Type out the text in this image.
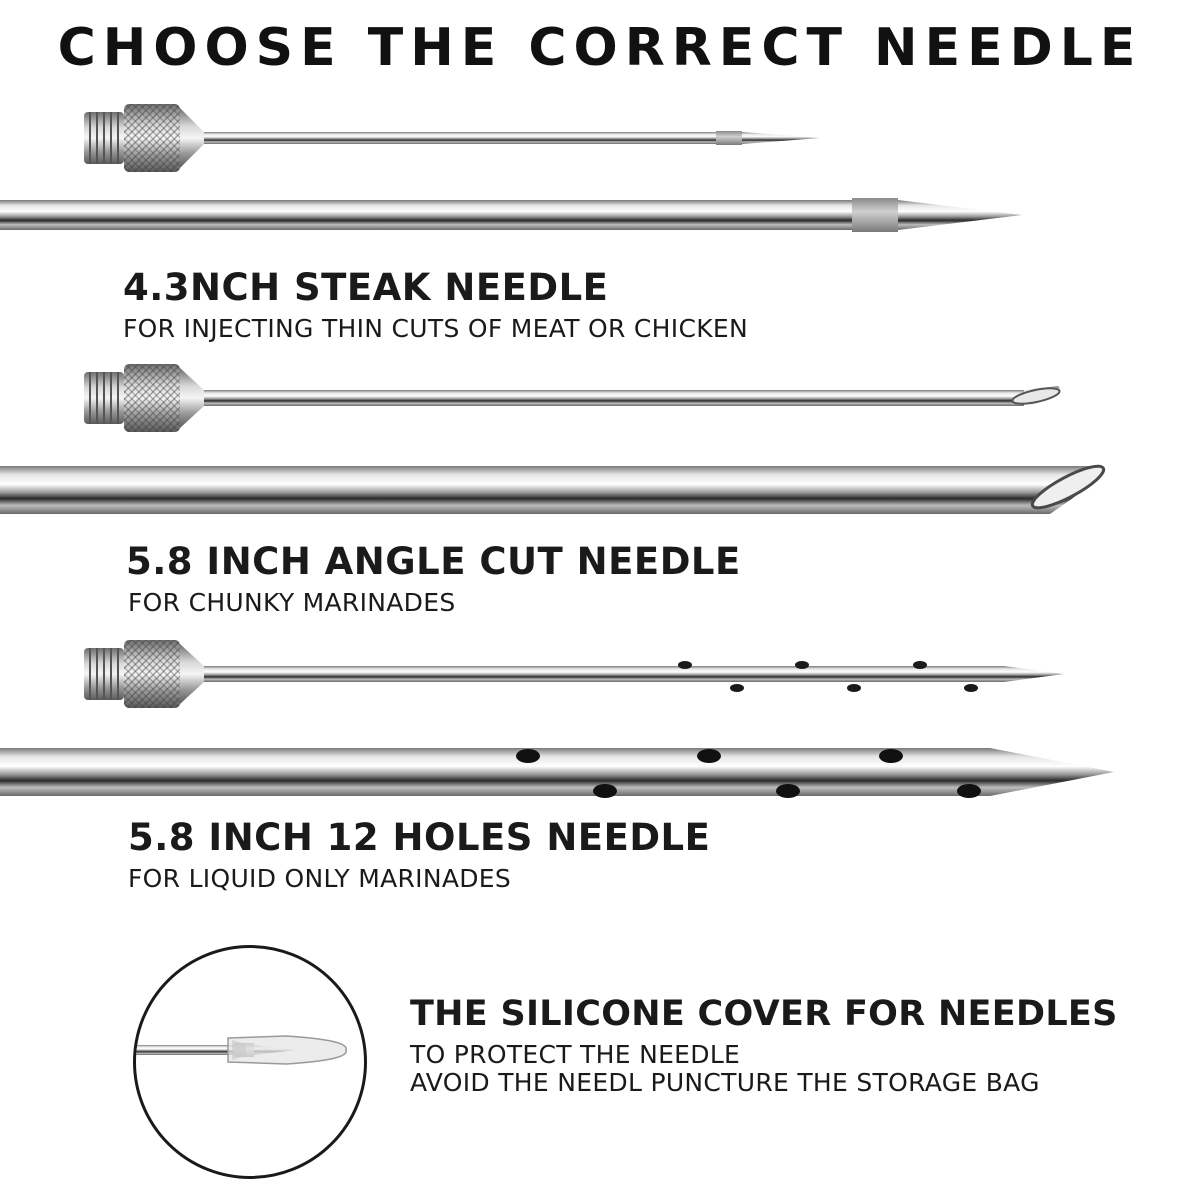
CHOOSE THE CORRECT NEEDLE
4.3NCH STEAK NEEDLE
FOR INJECTING THIN CUTS OF MEAT OR CHICKEN
5.8 INCH ANGLE CUT NEEDLE
FOR CHUNKY MARINADES
5.8 INCH 12 HOLES NEEDLE
FOR LIQUID ONLY MARINADES
THE SILICONE COVER FOR NEEDLES
TO PROTECT THE NEEDLE
AVOID THE NEEDL PUNCTURE THE STORAGE BAG
